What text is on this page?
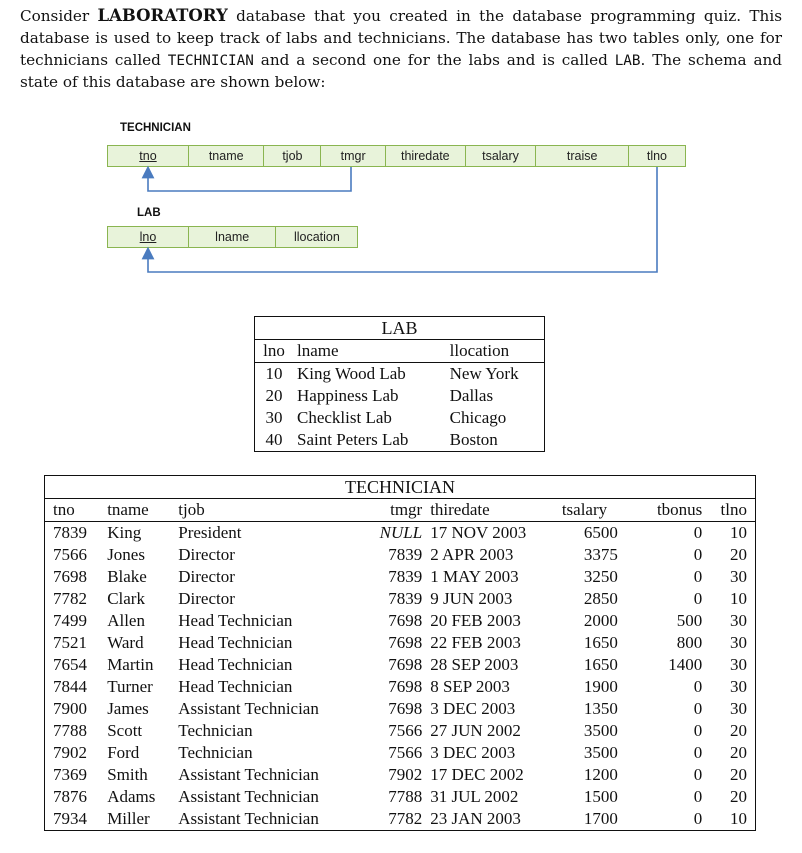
Consider LABORATORY database that you created in the database programming quiz. This database is used to keep track of labs and technicians. The database has two tables only, one for technicians called TECHNICIAN and a second one for the labs and is called LAB. The schema and state of this database are shown below:

TECHNICIAN
tno	tname	tjob	tmgr	thiredate	tsalary	traise	tlno
LAB
lno	lname	llocation
LAB
lno	lname	llocation
10	King Wood Lab	New York
20	Happiness Lab	Dallas
30	Checklist Lab	Chicago
40	Saint Peters Lab	Boston
TECHNICIAN
tno	tname	tjob	tmgr	thiredate	tsalary	tbonus	tlno
7839	King	President	NULL	17 NOV 2003	6500	0	10
7566	Jones	Director	7839	2 APR 2003	3375	0	20
7698	Blake	Director	7839	1 MAY 2003	3250	0	30
7782	Clark	Director	7839	9 JUN 2003	2850	0	10
7499	Allen	Head Technician	7698	20 FEB 2003	2000	500	30
7521	Ward	Head Technician	7698	22 FEB 2003	1650	800	30
7654	Martin	Head Technician	7698	28 SEP 2003	1650	1400	30
7844	Turner	Head Technician	7698	8 SEP 2003	1900	0	30
7900	James	Assistant Technician	7698	3 DEC 2003	1350	0	30
7788	Scott	Technician	7566	27 JUN 2002	3500	0	20
7902	Ford	Technician	7566	3 DEC 2003	3500	0	20
7369	Smith	Assistant Technician	7902	17 DEC 2002	1200	0	20
7876	Adams	Assistant Technician	7788	31 JUL 2002	1500	0	20
7934	Miller	Assistant Technician	7782	23 JAN 2003	1700	0	10
